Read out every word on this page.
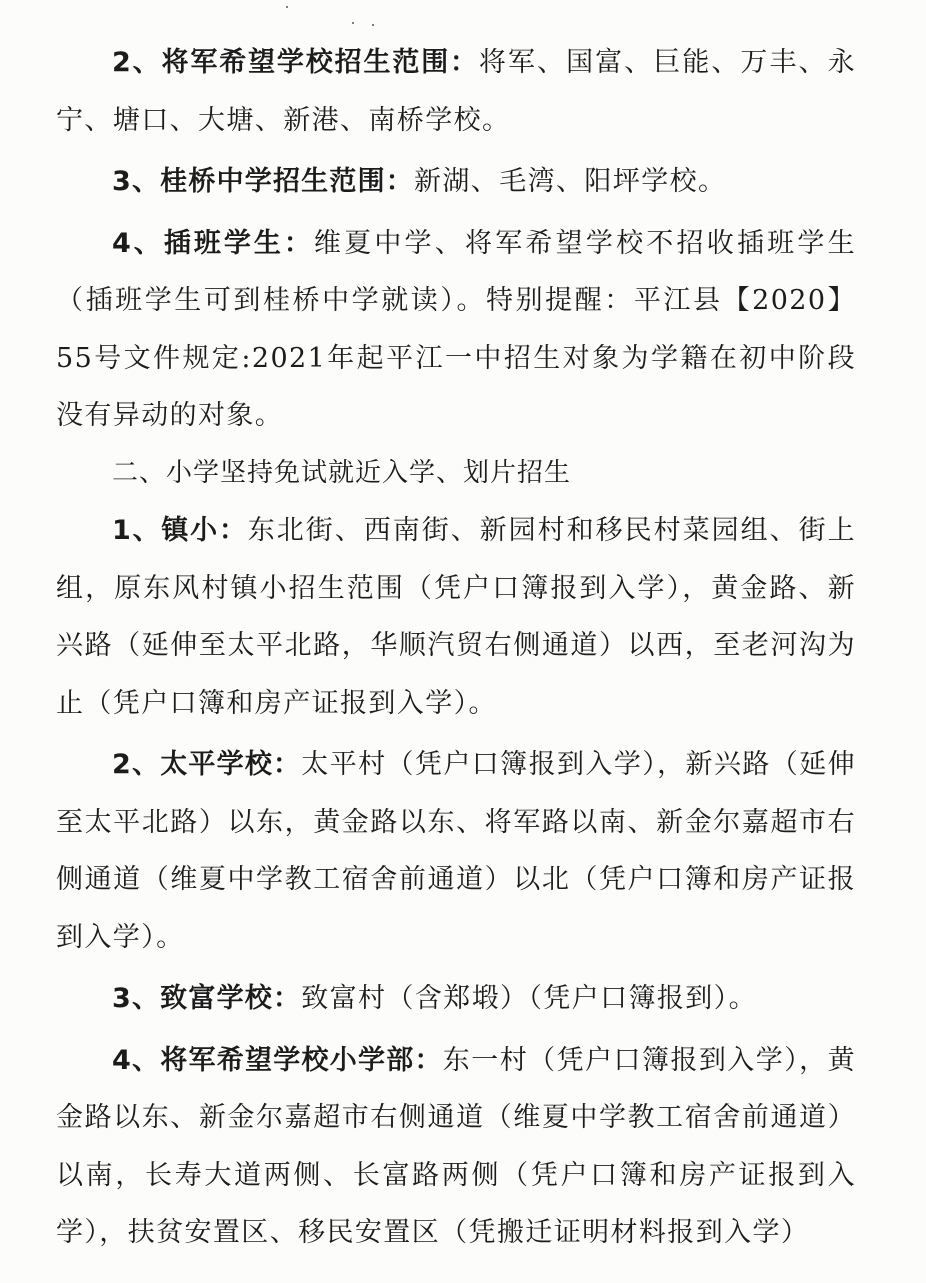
2、将军希望学校招生范围：将军、国富、巨能、万丰、永宁、塘口、大塘、新港、南桥学校。

3、桂桥中学招生范围：新湖、毛湾、阳坪学校。

4、插班学生：维夏中学、将军希望学校不招收插班学生（插班学生可到桂桥中学就读）。特别提醒：平江县【2020】55号文件规定:2021年起平江一中招生对象为学籍在初中阶段没有异动的对象。

二、小学坚持免试就近入学、划片招生

1、镇小：东北街、西南街、新园村和移民村菜园组、街上组，原东风村镇小招生范围（凭户口簿报到入学），黄金路、新兴路（延伸至太平北路，华顺汽贸右侧通道）以西，至老河沟为止（凭户口簿和房产证报到入学）。

2、太平学校：太平村（凭户口簿报到入学），新兴路（延伸至太平北路）以东，黄金路以东、将军路以南、新金尔嘉超市右侧通道（维夏中学教工宿舍前通道）以北（凭户口簿和房产证报到入学）。

3、致富学校：致富村（含郑塅）（凭户口簿报到）。

4、将军希望学校小学部：东一村（凭户口簿报到入学），黄金路以东、新金尔嘉超市右侧通道（维夏中学教工宿舍前通道）以南，长寿大道两侧、长富路两侧（凭户口簿和房产证报到入学），扶贫安置区、移民安置区（凭搬迁证明材料报到入学）
